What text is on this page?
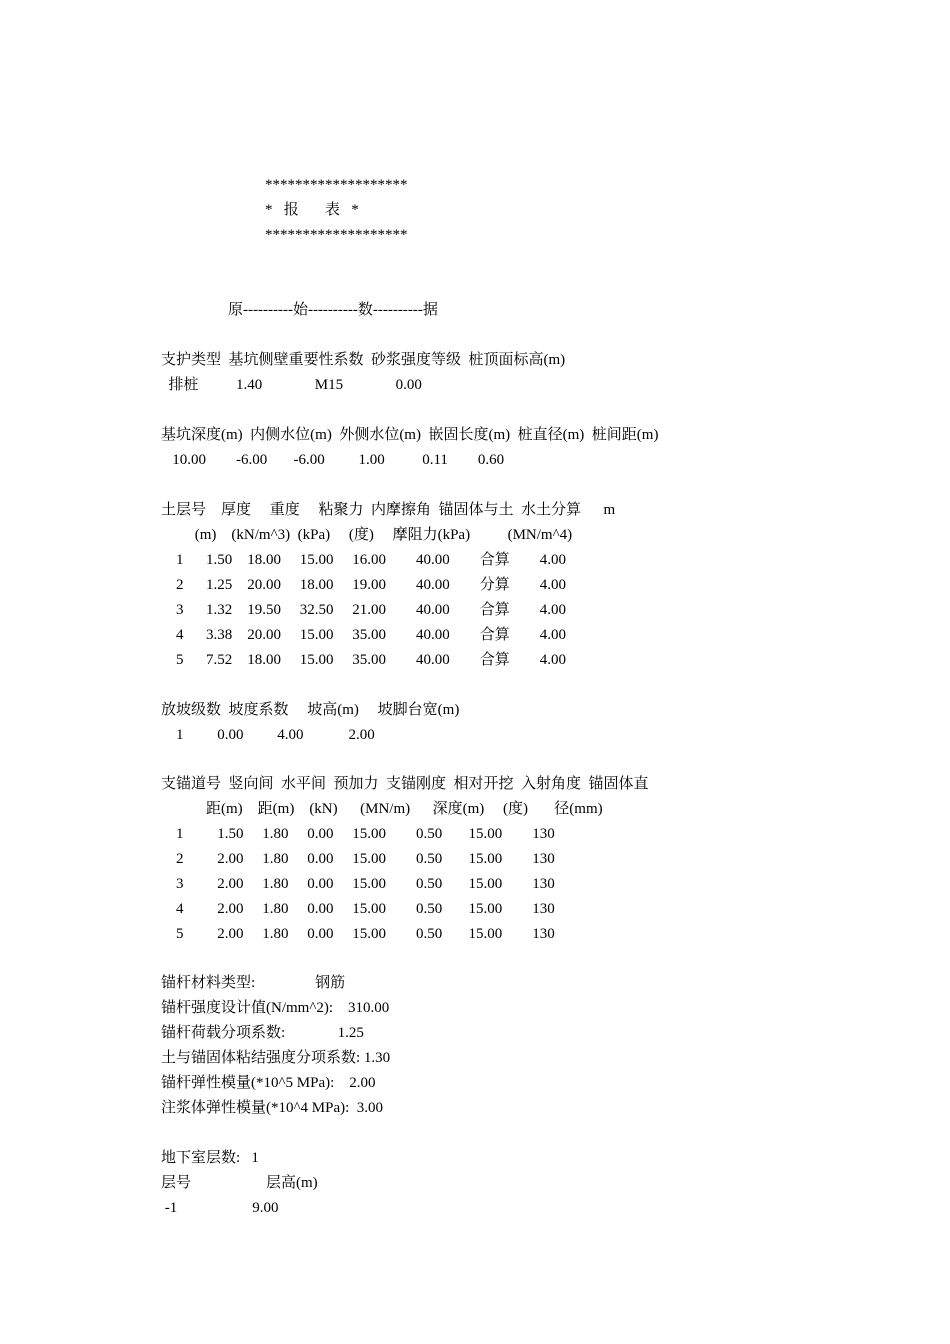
*******************
*   报       表   *
*******************
原----------始----------数----------据
支护类型  基坑侧壁重要性系数  砂浆强度等级  桩顶面标高(m)
排桩          1.40              M15              0.00
基坑深度(m)  内侧水位(m)  外侧水位(m)  嵌固长度(m)  桩直径(m)  桩间距(m)
10.00        -6.00       -6.00         1.00          0.11        0.60
土层号    厚度     重度     粘聚力  内摩擦角  锚固体与土  水土分算      m
(m)    (kN/m^3)  (kPa)     (度)     摩阻力(kPa)          (MN/m^4)
1      1.50    18.00     15.00     16.00        40.00        合算        4.00
2      1.25    20.00     18.00     19.00        40.00        分算        4.00
3      1.32    19.50     32.50     21.00        40.00        合算        4.00
4      3.38    20.00     15.00     35.00        40.00        合算        4.00
5      7.52    18.00     15.00     35.00        40.00        合算        4.00
放坡级数  坡度系数     坡高(m)     坡脚台宽(m)
1         0.00         4.00            2.00
支锚道号  竖向间  水平间  预加力  支锚刚度  相对开挖  入射角度  锚固体直
距(m)    距(m)    (kN)      (MN/m)      深度(m)     (度)       径(mm)
1         1.50     1.80     0.00     15.00        0.50       15.00        130
2         2.00     1.80     0.00     15.00        0.50       15.00        130
3         2.00     1.80     0.00     15.00        0.50       15.00        130
4         2.00     1.80     0.00     15.00        0.50       15.00        130
5         2.00     1.80     0.00     15.00        0.50       15.00        130
锚杆材料类型:                钢筋
锚杆强度设计值(N/mm^2):    310.00
锚杆荷载分项系数:              1.25
土与锚固体粘结强度分项系数: 1.30
锚杆弹性模量(*10^5 MPa):    2.00
注浆体弹性模量(*10^4 MPa):  3.00
地下室层数:   1
层号                    层高(m)
-1                    9.00
